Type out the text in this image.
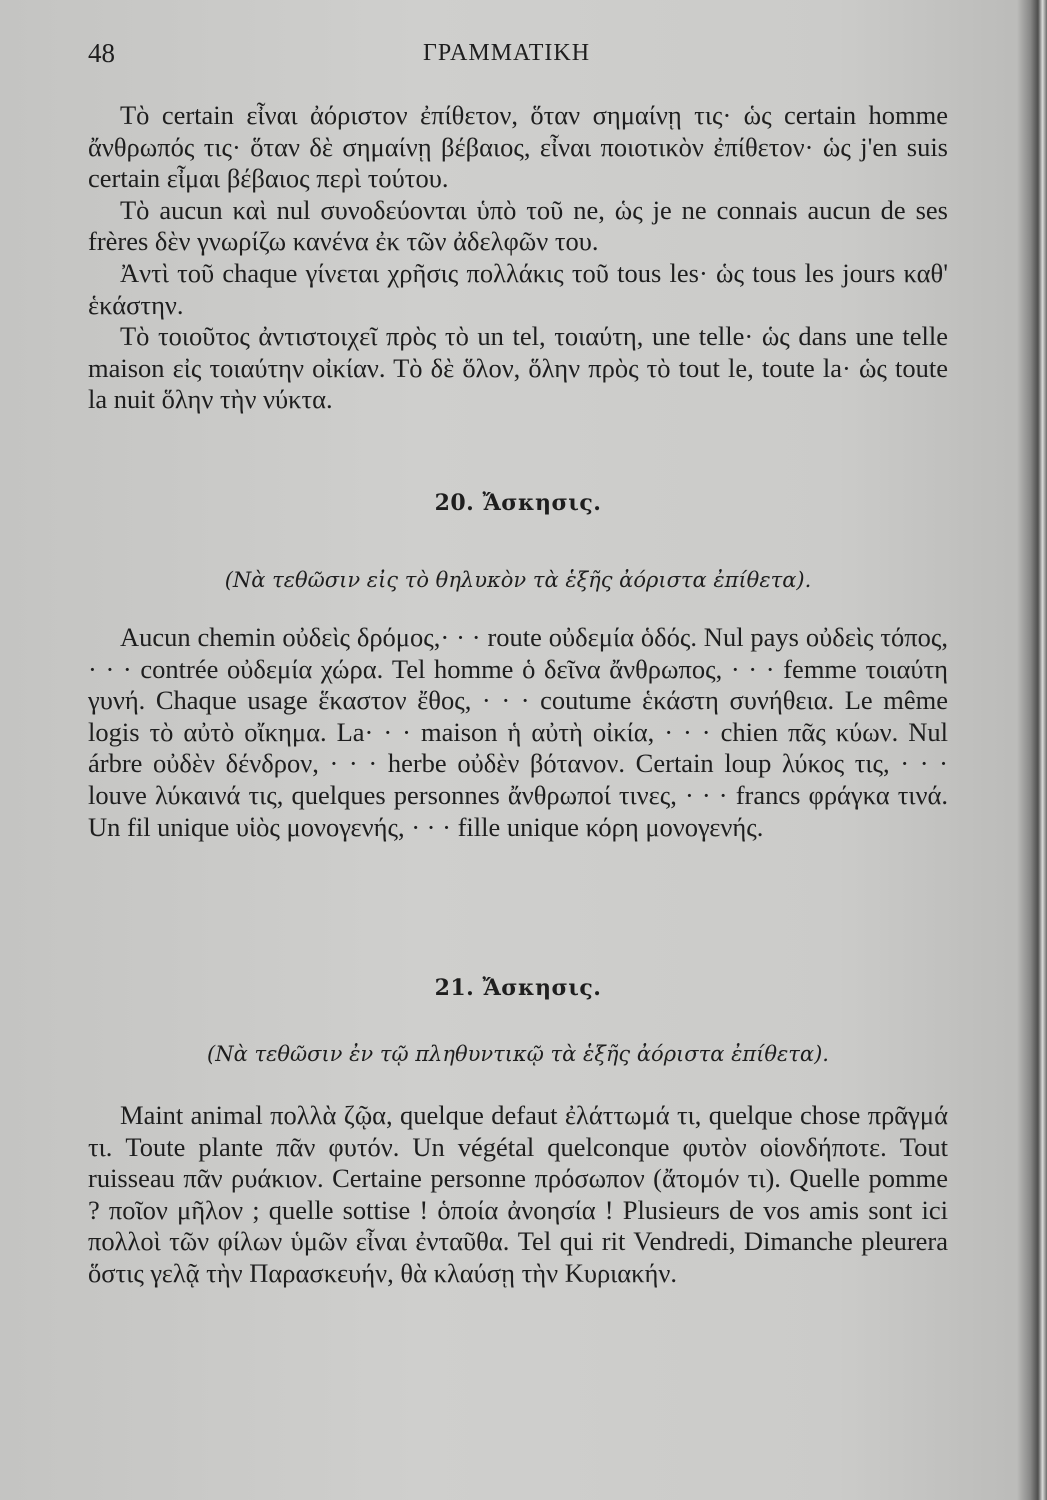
48	ΓΡΑΜΜΑΤΙΚΗ

Τὸ certain εἶναι ἀόριστον ἐπίθετον, ὅταν σημαίνῃ τις· ὡς certain homme ἄνθρωπός τις· ὅταν δὲ σημαίνῃ βέβαιος, εἶναι ποιοτικὸν ἐπίθετον· ὡς j'en suis certain εἶμαι βέβαιος περὶ τούτου.

Τὸ aucun καὶ nul συνοδεύονται ὑπὸ τοῦ ne, ὡς je ne connais aucun de ses frères δὲν γνωρίζω κανένα ἐκ τῶν ἀδελφῶν του.

Ἀντὶ τοῦ chaque γίνεται χρῆσις πολλάκις τοῦ tous les· ὡς tous les jours καθ' ἑκάστην.

Τὸ τοιοῦτος ἀντιστοιχεῖ πρὸς τὸ un tel, τοιαύτη, une telle· ὡς dans une telle maison εἰς τοιαύτην οἰκίαν. Τὸ δὲ ὅλον, ὅλην πρὸς τὸ tout le, toute la· ὡς toute la nuit ὅλην τὴν νύκτα.

20. Ἄσκησις.
(Νὰ τεθῶσιν εἰς τὸ θηλυκὸν τὰ ἑξῆς ἀόριστα ἐπίθετα).

Aucun chemin οὐδεὶς δρόμος,· · · route οὐδεμία ὁδός. Nul pays οὐδεὶς τόπος, · · · contrée οὐδεμία χώρα. Tel homme ὁ δεῖνα ἄνθρωπος, · · · femme τοιαύτη γυνή. Chaque usage ἕκαστον ἔθος, · · · coutume ἑκάστη συνήθεια. Le même logis τὸ αὐτὸ οἴκημα. La· · · maison ἡ αὐτὴ οἰκία, · · · chien πᾶς κύων. Nul árbre οὐδὲν δένδρον, · · · herbe οὐδὲν βότανον. Certain loup λύκος τις, · · · louve λύκαινά τις, quelques personnes ἄνθρωποί τινες, · · · francs φράγκα τινά. Un fil unique υἱὸς μονογενής, · · · fille unique κόρη μονογενής.

21. Ἄσκησις.
(Νὰ τεθῶσιν ἐν τῷ πληθυντικῷ τὰ ἑξῆς ἀόριστα ἐπίθετα).

Maint animal πολλὰ ζῷα, quelque defaut ἐλάττωμά τι, quelque chose πρᾶγμά τι. Toute plante πᾶν φυτόν. Un végétal quelconque φυτὸν οἱονδήποτε. Tout ruisseau πᾶν ρυάκιον. Certaine personne πρόσωπον (ἄτομόν τι). Quelle pomme ? ποῖον μῆλον ; quelle sottise ! ὁποία ἀνοησία ! Plusieurs de vos amis sont ici πολλοὶ τῶν φίλων ὑμῶν εἶναι ἐνταῦθα. Tel qui rit Vendredi, Dimanche pleurera ὅστις γελᾷ τὴν Παρασκευήν, θὰ κλαύσῃ τὴν Κυριακήν.
